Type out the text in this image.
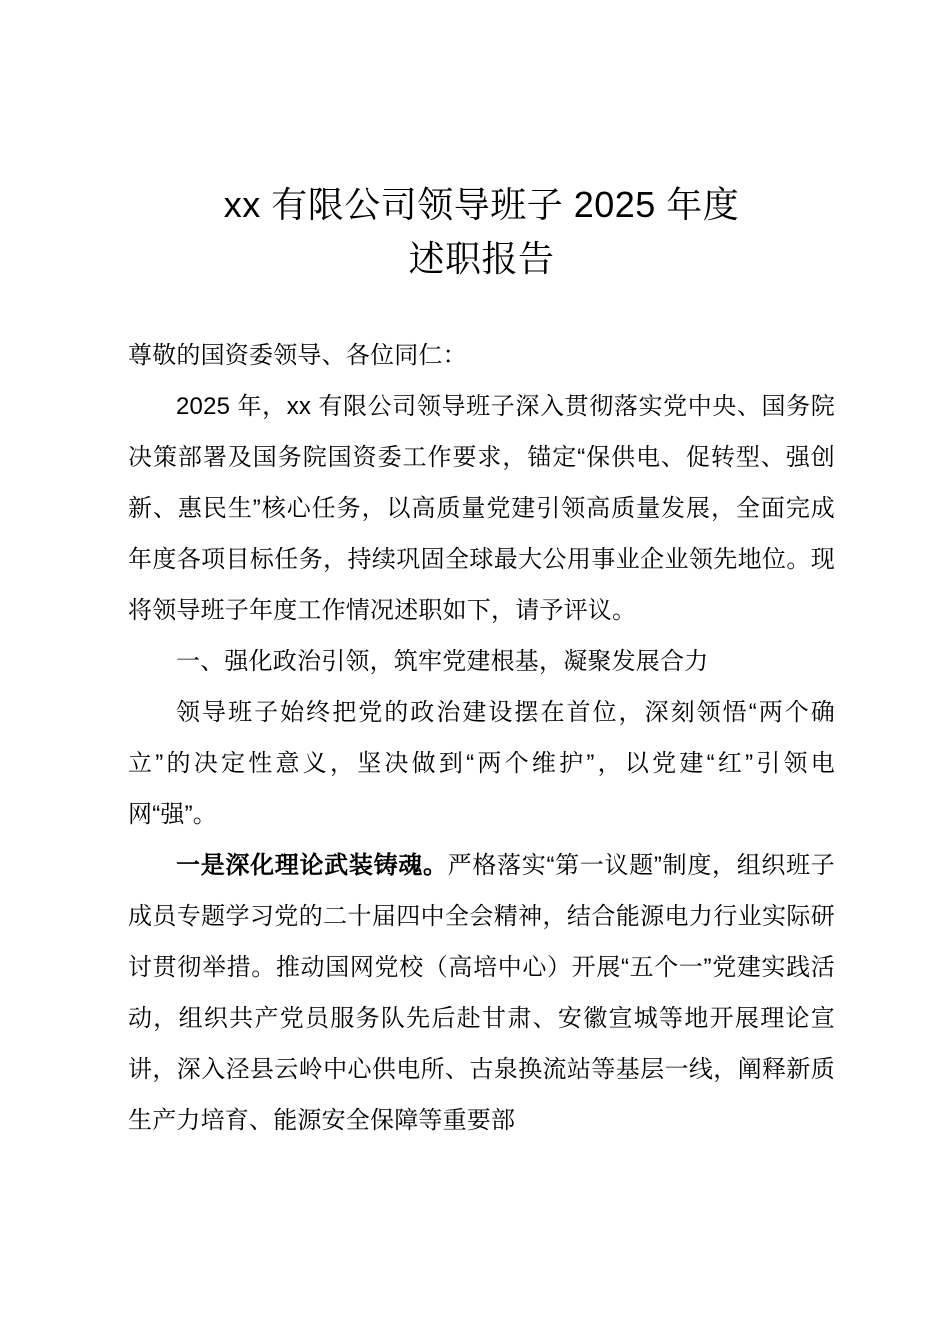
xx 有限公司领导班子 2025 年度
述职报告

尊敬的国资委领导、各位同仁：

2025 年，xx 有限公司领导班子深入贯彻落实党中央、国务院决策部署及国务院国资委工作要求，锚定“保供电、促转型、强创新、惠民生”核心任务，以高质量党建引领高质量发展，全面完成年度各项目标任务，持续巩固全球最大公用事业企业领先地位。现将领导班子年度工作情况述职如下，请予评议。

一、强化政治引领，筑牢党建根基，凝聚发展合力

领导班子始终把党的政治建设摆在首位，深刻领悟“两个确立”的决定性意义，坚决做到“两个维护”，以党建“红”引领电网“强”。

一是深化理论武装铸魂。严格落实“第一议题”制度，组织班子成员专题学习党的二十届四中全会精神，结合能源电力行业实际研讨贯彻举措。推动国网党校（高培中心）开展“五个一”党建实践活动，组织共产党员服务队先后赴甘肃、安徽宣城等地开展理论宣讲，深入泾县云岭中心供电所、古泉换流站等基层一线，阐释新质生产力培育、能源安全保障等重要部
